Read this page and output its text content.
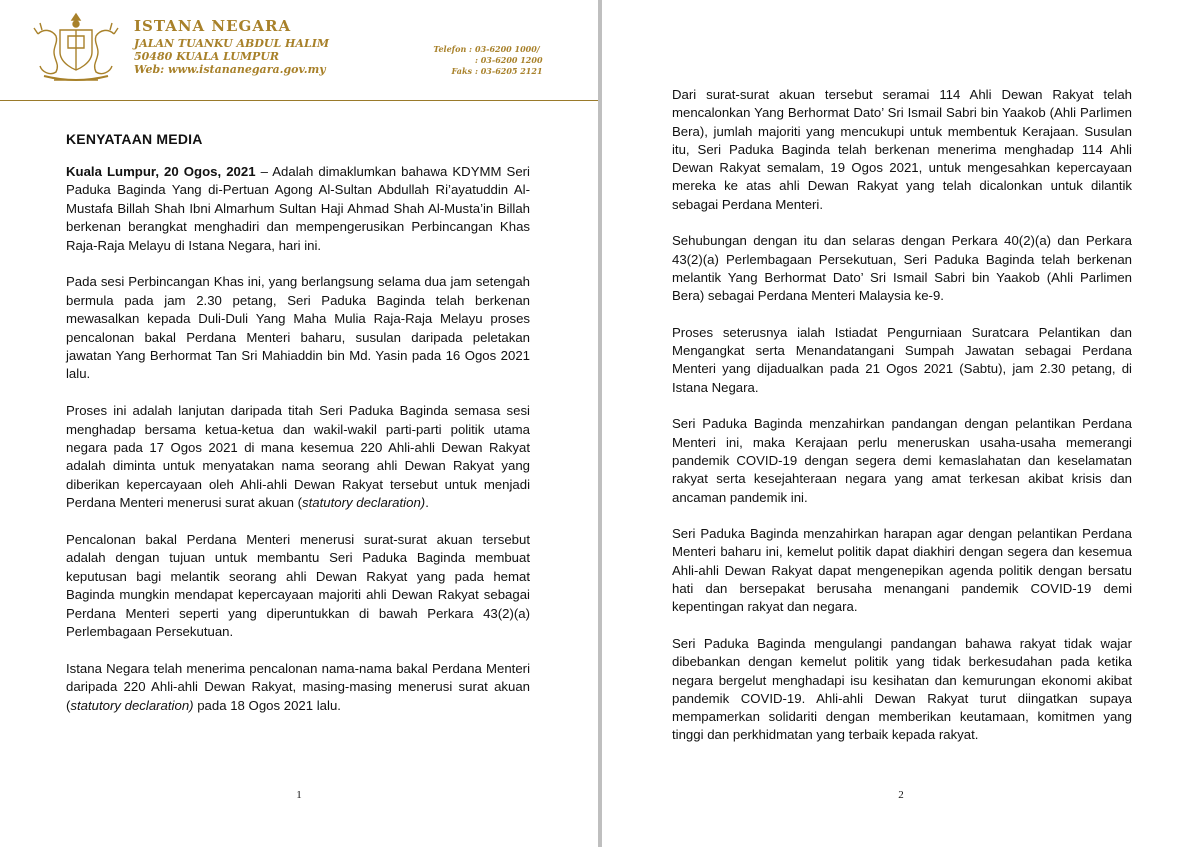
ISTANA NEGARA
JALAN TUANKU ABDUL HALIM
50480 KUALA LUMPUR
Web: www.istananegara.gov.my
Telefon : 03-6200 1000/
: 03-6200 1200
Faks : 03-6205 2121
KENYATAAN MEDIA

Kuala Lumpur, 20 Ogos, 2021 – Adalah dimaklumkan bahawa KDYMM Seri Paduka Baginda Yang di-Pertuan Agong Al-Sultan Abdullah Ri’ayatuddin Al-Mustafa Billah Shah Ibni Almarhum Sultan Haji Ahmad Shah Al-Musta’in Billah berkenan berangkat menghadiri dan mempengerusikan Perbincangan Khas Raja-Raja Melayu di Istana Negara, hari ini.

Pada sesi Perbincangan Khas ini, yang berlangsung selama dua jam setengah bermula pada jam 2.30 petang, Seri Paduka Baginda telah berkenan mewasalkan kepada Duli-Duli Yang Maha Mulia Raja-Raja Melayu proses pencalonan bakal Perdana Menteri baharu, susulan daripada peletakan jawatan Yang Berhormat Tan Sri Mahiaddin bin Md. Yasin pada 16 Ogos 2021 lalu.

Proses ini adalah lanjutan daripada titah Seri Paduka Baginda semasa sesi menghadap bersama ketua-ketua dan wakil-wakil parti-parti politik utama negara pada 17 Ogos 2021 di mana kesemua 220 Ahli-ahli Dewan Rakyat adalah diminta untuk menyatakan nama seorang ahli Dewan Rakyat yang diberikan kepercayaan oleh Ahli-ahli Dewan Rakyat tersebut untuk menjadi Perdana Menteri menerusi surat akuan (statutory declaration).

Pencalonan bakal Perdana Menteri menerusi surat-surat akuan tersebut adalah dengan tujuan untuk membantu Seri Paduka Baginda membuat keputusan bagi melantik seorang ahli Dewan Rakyat yang pada hemat Baginda mungkin mendapat kepercayaan majoriti ahli Dewan Rakyat sebagai Perdana Menteri seperti yang diperuntukkan di bawah Perkara 43(2)(a) Perlembagaan Persekutuan.

Istana Negara telah menerima pencalonan nama-nama bakal Perdana Menteri daripada 220 Ahli-ahli Dewan Rakyat, masing-masing menerusi surat akuan (statutory declaration) pada 18 Ogos 2021 lalu.

1

Dari surat-surat akuan tersebut seramai 114 Ahli Dewan Rakyat telah mencalonkan Yang Berhormat Dato’ Sri Ismail Sabri bin Yaakob (Ahli Parlimen Bera), jumlah majoriti yang mencukupi untuk membentuk Kerajaan. Susulan itu, Seri Paduka Baginda telah berkenan menerima menghadap 114 Ahli Dewan Rakyat semalam, 19 Ogos 2021, untuk mengesahkan kepercayaan mereka ke atas ahli Dewan Rakyat yang telah dicalonkan untuk dilantik sebagai Perdana Menteri.

Sehubungan dengan itu dan selaras dengan Perkara 40(2)(a) dan Perkara 43(2)(a) Perlembagaan Persekutuan, Seri Paduka Baginda telah berkenan melantik Yang Berhormat Dato’ Sri Ismail Sabri bin Yaakob (Ahli Parlimen Bera) sebagai Perdana Menteri Malaysia ke-9.

Proses seterusnya ialah Istiadat Pengurniaan Suratcara Pelantikan dan Mengangkat serta Menandatangani Sumpah Jawatan sebagai Perdana Menteri yang dijadualkan pada 21 Ogos 2021 (Sabtu), jam 2.30 petang, di Istana Negara.

Seri Paduka Baginda menzahirkan pandangan dengan pelantikan Perdana Menteri ini, maka Kerajaan perlu meneruskan usaha-usaha memerangi pandemik COVID-19 dengan segera demi kemaslahatan dan keselamatan rakyat serta kesejahteraan negara yang amat terkesan akibat krisis dan ancaman pandemik ini.

Seri Paduka Baginda menzahirkan harapan agar dengan pelantikan Perdana Menteri baharu ini, kemelut politik dapat diakhiri dengan segera dan kesemua Ahli-ahli Dewan Rakyat dapat mengenepikan agenda politik dengan bersatu hati dan bersepakat berusaha menangani pandemik COVID-19 demi kepentingan rakyat dan negara.

Seri Paduka Baginda mengulangi pandangan bahawa rakyat tidak wajar dibebankan dengan kemelut politik yang tidak berkesudahan pada ketika negara bergelut menghadapi isu kesihatan dan kemurungan ekonomi akibat pandemik COVID-19. Ahli-ahli Dewan Rakyat turut diingatkan supaya mempamerkan solidariti dengan memberikan keutamaan, komitmen yang tinggi dan perkhidmatan yang terbaik kepada rakyat.

2
